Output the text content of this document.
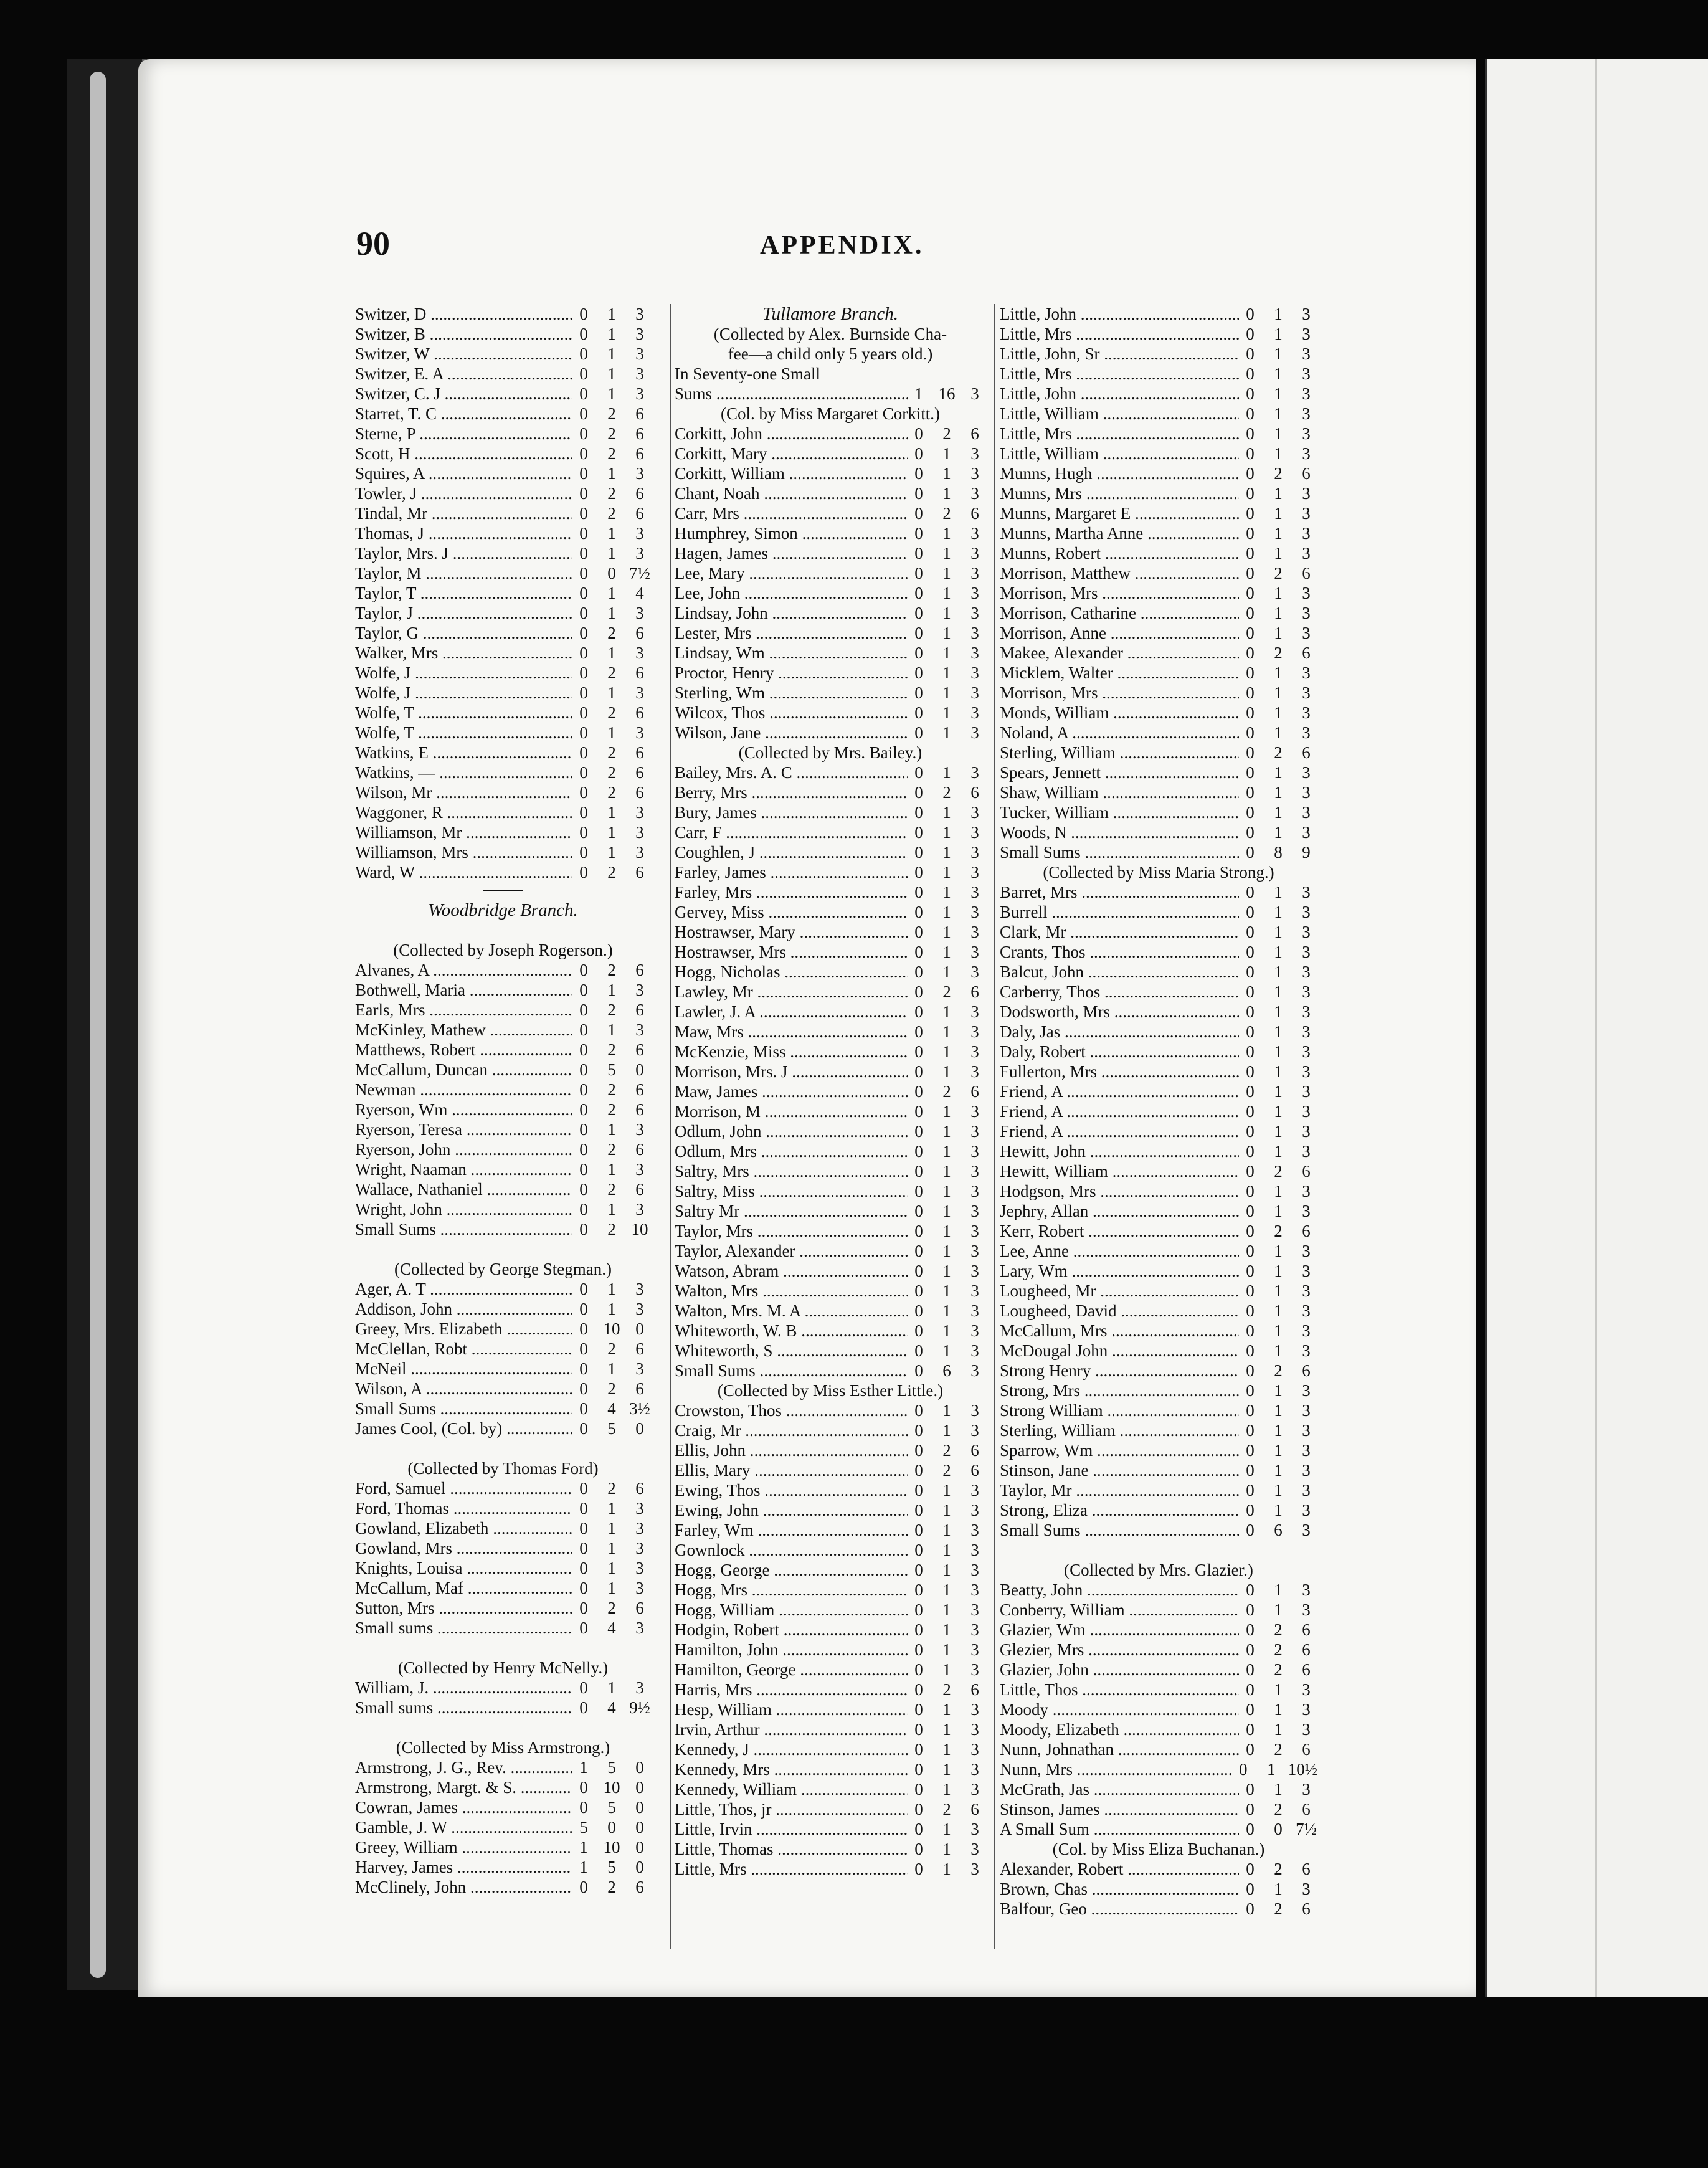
90	APPENDIX.
Switzer, D .....	0	1	3
Switzer, B .....	0	1	3
Switzer, W .....	0	1	3
Switzer, E. A .....	0	1	3
Switzer, C. J .....	0	1	3
Starret, T. C .....	0	2	6
Sterne, P .....	0	2	6
Scott, H .....	0	2	6
Squires, A .....	0	1	3
Towler, J .....	0	2	6
Tindal, Mr .....	0	2	6
Thomas, J .....	0	1	3
Taylor, Mrs. J .....	0	1	3
Taylor, M .....	0	0 7½
Taylor, T .....	0	1	4
Taylor, J .....	0	1	3
Taylor, G .....	0	2	6
Walker, Mrs .....	0	1	3
Wolfe, J .....	0	2	6
Wolfe, J .....	0	1	3
Wolfe, T .....	0	2	6
Wolfe, T .....	0	1	3
Watkins, E .....	0	2	6
Watkins, — .....	0	2	6
Wilson, Mr .....	0	2	6
Waggoner, R .....	0	1	3
Williamson, Mr .....	0	1	3
Williamson, Mrs .....	0	1	3
Ward, W .....	0	2	6
Woodbridge Branch.
(Collected by Joseph Rogerson.)
Alvanes, A .....	0	2	6
Bothwell, Maria .....	0	1	3
Earls, Mrs .....	0	2	6
McKinley, Mathew .....	0	1	3
Matthews, Robert .....	0	2	6
McCallum, Duncan .....	0	5	0
Newman .....	0	2	6
Ryerson, Wm .....	0	2	6
Ryerson, Teresa .....	0	1	3
Ryerson, John .....	0	2	6
Wright, Naaman .....	0	1	3
Wallace, Nathaniel .....	0	2	6
Wright, John .....	0	1	3
Small Sums .....	0	2 10
(Collected by George Stegman.)
Ager, A. T .....	0	1	3
Addison, John .....	0	1	3
Greey, Mrs. Elizabeth .....	0 10 0
McClellan, Robt .....	0	2	6
McNeil .....	0	1	3
Wilson, A .....	0	2	6
Small Sums .....	0	4 3½
James Cool, (Col. by) .....	0	5	0
(Collected by Thomas Ford)
Ford, Samuel .....	0	2	6
Ford, Thomas .....	0	1	3
Gowland, Elizabeth .....	0	1	3
Gowland, Mrs .....	0	1	3
Knights, Louisa .....	0	1	3
McCallum, Maf .....	0	1	3
Sutton, Mrs .....	0	2	6
Small sums .....	0	4	3
(Collected by Henry McNelly.)
William, J. .....	0	1	3
Small sums .....	0	4 9½
(Collected by Miss Armstrong.)
Armstrong, J. G., Rev. .....	1	5	0
Armstrong, Margt. & S. .....	0 10 0
Cowran, James .....	0	5	0
Gamble, J. W .....	5	0	0
Greey, William .....	1 10 0
Harvey, James .....	1	5	0
McClinely, John .....	0	2	6
Tullamore Branch.
(Collected by Alex. Burnside Cha-
fee—a child only 5 years old.)
In Seventy-one Small
Sums .....	1 16 3
(Col. by Miss Margaret Corkitt.)
Corkitt, John .....	0	2	6
Corkitt, Mary .....	0	1	3
Corkitt, William .....	0	1	3
Chant, Noah .....	0	1	3
Carr, Mrs .....	0	2	6
Humphrey, Simon .....	0	1	3
Hagen, James .....	0	1	3
Lee, Mary .....	0	1	3
Lee, John .....	0	1	3
Lindsay, John .....	0	1	3
Lester, Mrs .....	0	1	3
Lindsay, Wm .....	0	1	3
Proctor, Henry .....	0	1	3
Sterling, Wm .....	0	1	3
Wilcox, Thos .....	0	1	3
Wilson, Jane .....	0	1	3
(Collected by Mrs. Bailey.)
Bailey, Mrs. A. C .....	0	1	3
Berry, Mrs .....	0	2	6
Bury, James .....	0	1	3
Carr, F .....	0	1	3
Coughlen, J .....	0	1	3
Farley, James .....	0	1	3
Farley, Mrs .....	0	1	3
Gervey, Miss .....	0	1	3
Hostrawser, Mary .....	0	1	3
Hostrawser, Mrs .....	0	1	3
Hogg, Nicholas .....	0	1	3
Lawley, Mr .....	0	2	6
Lawler, J. A .....	0	1	3
Maw, Mrs .....	0	1	3
McKenzie, Miss .....	0	1	3
Morrison, Mrs. J .....	0	1	3
Maw, James .....	0	2	6
Morrison, M .....	0	1	3
Odlum, John .....	0	1	3
Odlum, Mrs .....	0	1	3
Saltry, Mrs .....	0	1	3
Saltry, Miss .....	0	1	3
Saltry Mr .....	0	1	3
Taylor, Mrs .....	0	1	3
Taylor, Alexander .....	0	1	3
Watson, Abram .....	0	1	3
Walton, Mrs .....	0	1	3
Walton, Mrs. M. A .....	0	1	3
Whiteworth, W. B .....	0	1	3
Whiteworth, S .....	0	1	3
Small Sums .....	0	6	3
(Collected by Miss Esther Little.)
Crowston, Thos .....	0	1	3
Craig, Mr .....	0	1	3
Ellis, John .....	0	2	6
Ellis, Mary .....	0	2	6
Ewing, Thos .....	0	1	3
Ewing, John .....	0	1	3
Farley, Wm .....	0	1	3
Gownlock .....	0	1	3
Hogg, George .....	0	1	3
Hogg, Mrs .....	0	1	3
Hogg, William .....	0	1	3
Hodgin, Robert .....	0	1	3
Hamilton, John .....	0	1	3
Hamilton, George .....	0	1	3
Harris, Mrs .....	0	2	6
Hesp, William .....	0	1	3
Irvin, Arthur .....	0	1	3
Kennedy, J .....	0	1	3
Kennedy, Mrs .....	0	1	3
Kennedy, William .....	0	1	3
Little, Thos, jr .....	0	2	6
Little, Irvin .....	0	1	3
Little, Thomas .....	0	1	3
Little, Mrs .....	0	1	3
Little, John .....	0	1	3
Little, Mrs .....	0	1	3
Little, John, Sr .....	0	1	3
Little, Mrs .....	0	1	3
Little, John .....	0	1	3
Little, William .....	0	1	3
Little, Mrs .....	0	1	3
Little, William .....	0	1	3
Munns, Hugh .....	0	2	6
Munns, Mrs .....	0	1	3
Munns, Margaret E .....	0	1	3
Munns, Martha Anne .....	0	1	3
Munns, Robert .....	0	1	3
Morrison, Matthew .....	0	2	6
Morrison, Mrs .....	0	1	3
Morrison, Catharine .....	0	1	3
Morrison, Anne .....	0	1	3
Makee, Alexander .....	0	2	6
Micklem, Walter .....	0	1	3
Morrison, Mrs .....	0	1	3
Monds, William .....	0	1	3
Noland, A .....	0	1	3
Sterling, William .....	0	2	6
Spears, Jennett .....	0	1	3
Shaw, William .....	0	1	3
Tucker, William .....	0	1	3
Woods, N .....	0	1	3
Small Sums .....	0	8	9
(Collected by Miss Maria Strong.)
Barret, Mrs .....	0	1	3
Burrell .....	0	1	3
Clark, Mr .....	0	1	3
Crants, Thos .....	0	1	3
Balcut, John .....	0	1	3
Carberry, Thos .....	0	1	3
Dodsworth, Mrs .....	0	1	3
Daly, Jas .....	0	1	3
Daly, Robert .....	0	1	3
Fullerton, Mrs .....	0	1	3
Friend, A .....	0	1	3
Friend, A .....	0	1	3
Friend, A .....	0	1	3
Hewitt, John .....	0	1	3
Hewitt, William .....	0	2	6
Hodgson, Mrs .....	0	1	3
Jephry, Allan .....	0	1	3
Kerr, Robert .....	0	2	6
Lee, Anne .....	0	1	3
Lary, Wm .....	0	1	3
Lougheed, Mr .....	0	1	3
Lougheed, David .....	0	1	3
McCallum, Mrs .....	0	1	3
McDougal John .....	0	1	3
Strong Henry .....	0	2	6
Strong, Mrs .....	0	1	3
Strong William .....	0	1	3
Sterling, William .....	0	1	3
Sparrow, Wm .....	0	1	3
Stinson, Jane .....	0	1	3
Taylor, Mr .....	0	1	3
Strong, Eliza .....	0	1	3
Small Sums .....	0	6	3
(Collected by Mrs. Glazier.)
Beatty, John .....	0	1	3
Conberry, William .....	0	1	3
Glazier, Wm .....	0	2	6
Glezier, Mrs .....	0	2	6
Glazier, John .....	0	2	6
Little, Thos .....	0	1	3
Moody .....	0	1	3
Moody, Elizabeth .....	0	1	3
Nunn, Johnathan .....	0	2	6
Nunn, Mrs .....	0	1 10½
McGrath, Jas .....	0	1	3
Stinson, James .....	0	2	6
A Small Sum .....	0	0 7½
(Col. by Miss Eliza Buchanan.)
Alexander, Robert .....	0	2	6
Brown, Chas .....	0	1	3
Balfour, Geo .....	0	2	6
